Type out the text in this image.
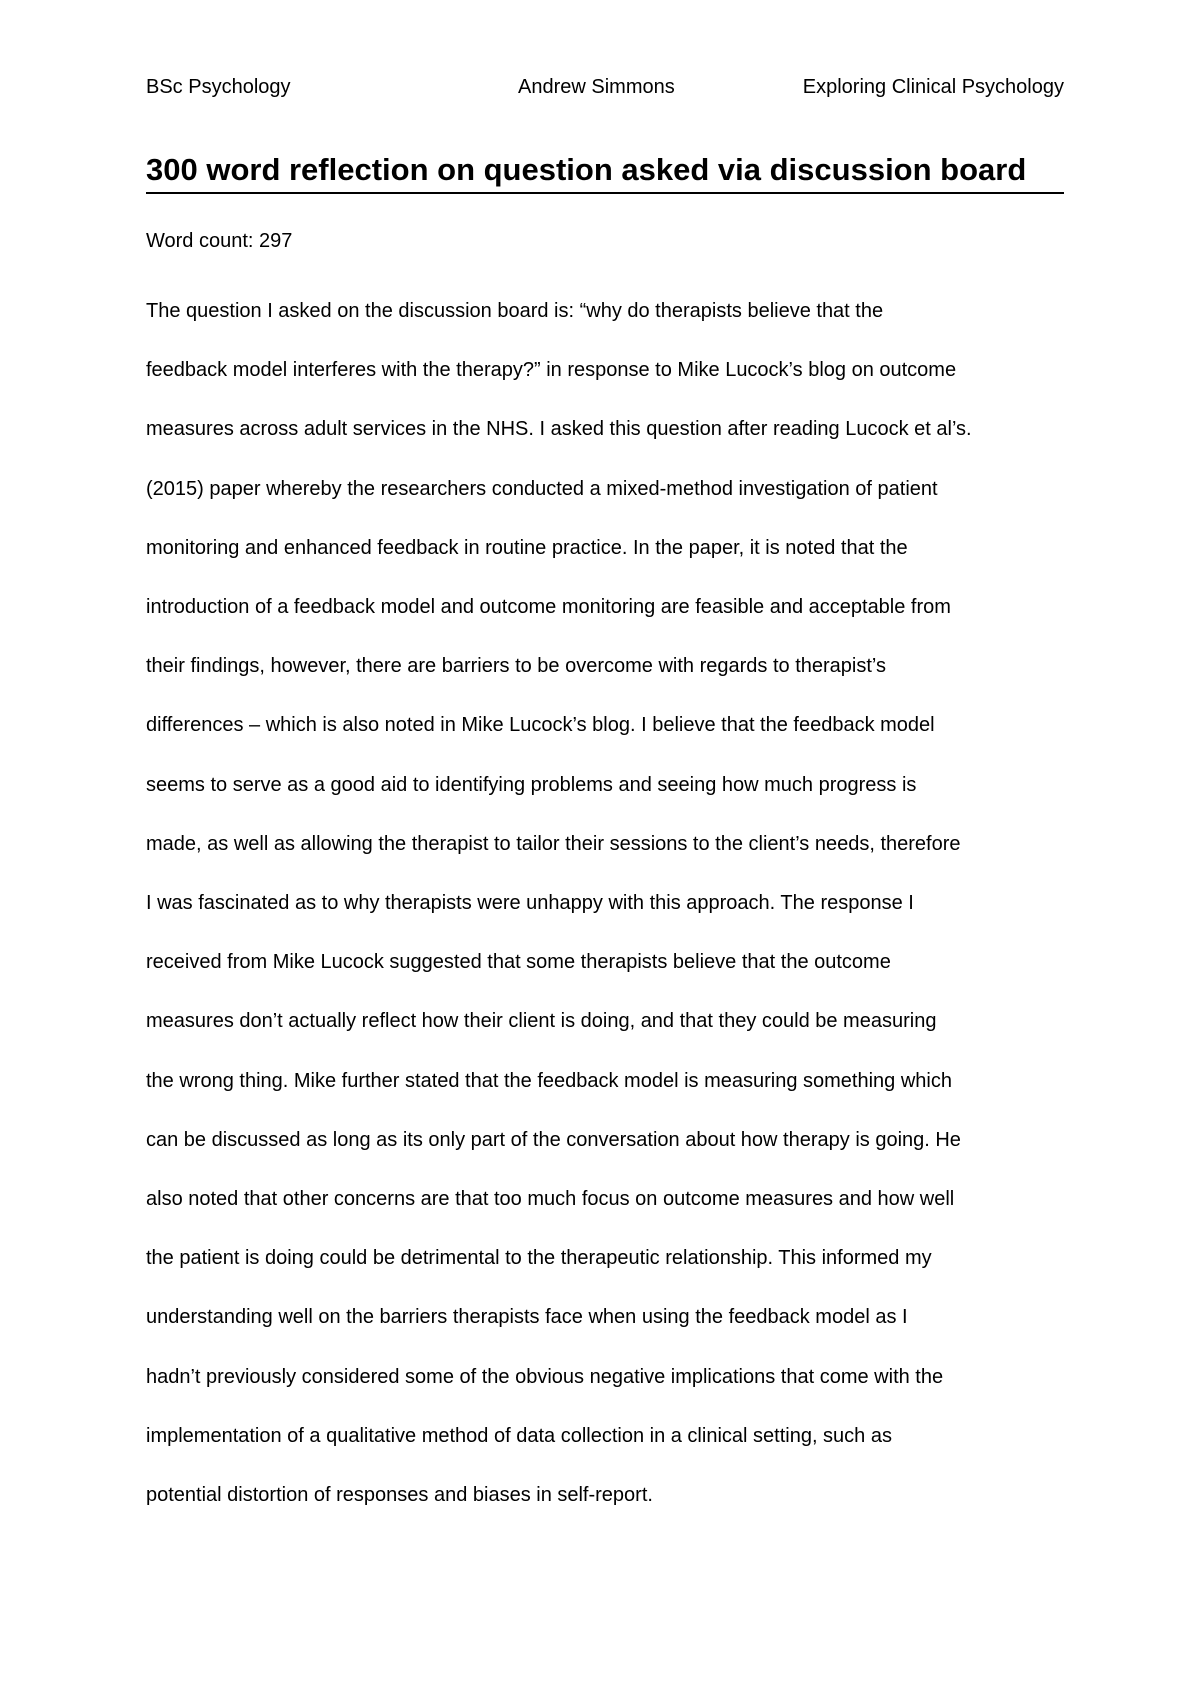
BSc Psychology	Andrew Simmons	Exploring Clinical Psychology
300 word reflection on question asked via discussion board

Word count: 297

The question I asked on the discussion board is: “why do therapists believe that the
feedback model interferes with the therapy?” in response to Mike Lucock’s blog on outcome
measures across adult services in the NHS. I asked this question after reading Lucock et al’s.
(2015) paper whereby the researchers conducted a mixed-method investigation of patient
monitoring and enhanced feedback in routine practice. In the paper, it is noted that the
introduction of a feedback model and outcome monitoring are feasible and acceptable from
their findings, however, there are barriers to be overcome with regards to therapist’s
differences – which is also noted in Mike Lucock’s blog. I believe that the feedback model
seems to serve as a good aid to identifying problems and seeing how much progress is
made, as well as allowing the therapist to tailor their sessions to the client’s needs, therefore
I was fascinated as to why therapists were unhappy with this approach. The response I
received from Mike Lucock suggested that some therapists believe that the outcome
measures don’t actually reflect how their client is doing, and that they could be measuring
the wrong thing. Mike further stated that the feedback model is measuring something which
can be discussed as long as its only part of the conversation about how therapy is going. He
also noted that other concerns are that too much focus on outcome measures and how well
the patient is doing could be detrimental to the therapeutic relationship. This informed my
understanding well on the barriers therapists face when using the feedback model as I
hadn’t previously considered some of the obvious negative implications that come with the
implementation of a qualitative method of data collection in a clinical setting, such as
potential distortion of responses and biases in self-report.
